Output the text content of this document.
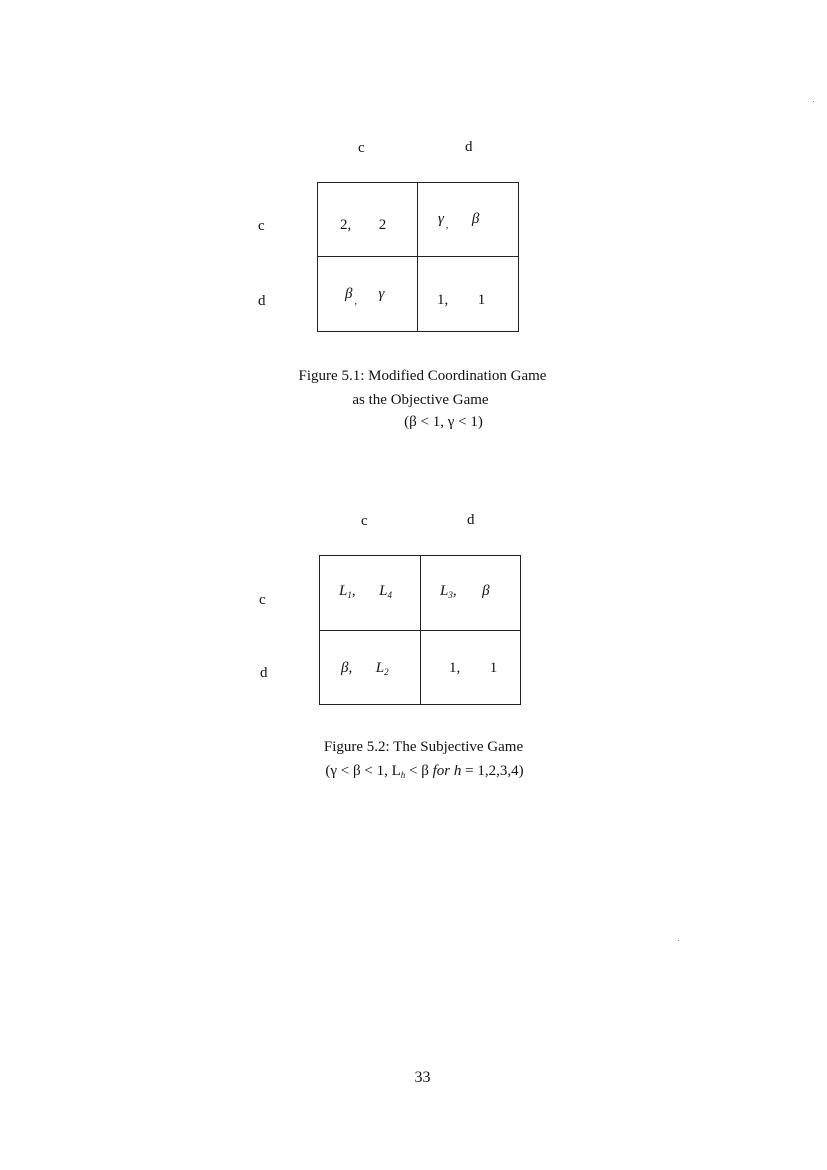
c	d
c
d
2, 2	γ $_,$ β
β $_,$ γ	1, 1
Figure 5.1: Modified Coordination Game
as the Objective Game
(β < 1, γ < 1)
c	d
c
d
$L_1$, $L_4$	$L_3$, β
β, $L_2$	1, 1
Figure 5.2: The Subjective Game
(γ < β < 1, $L_h < \beta$ for h = 1,2,3,4)
33
